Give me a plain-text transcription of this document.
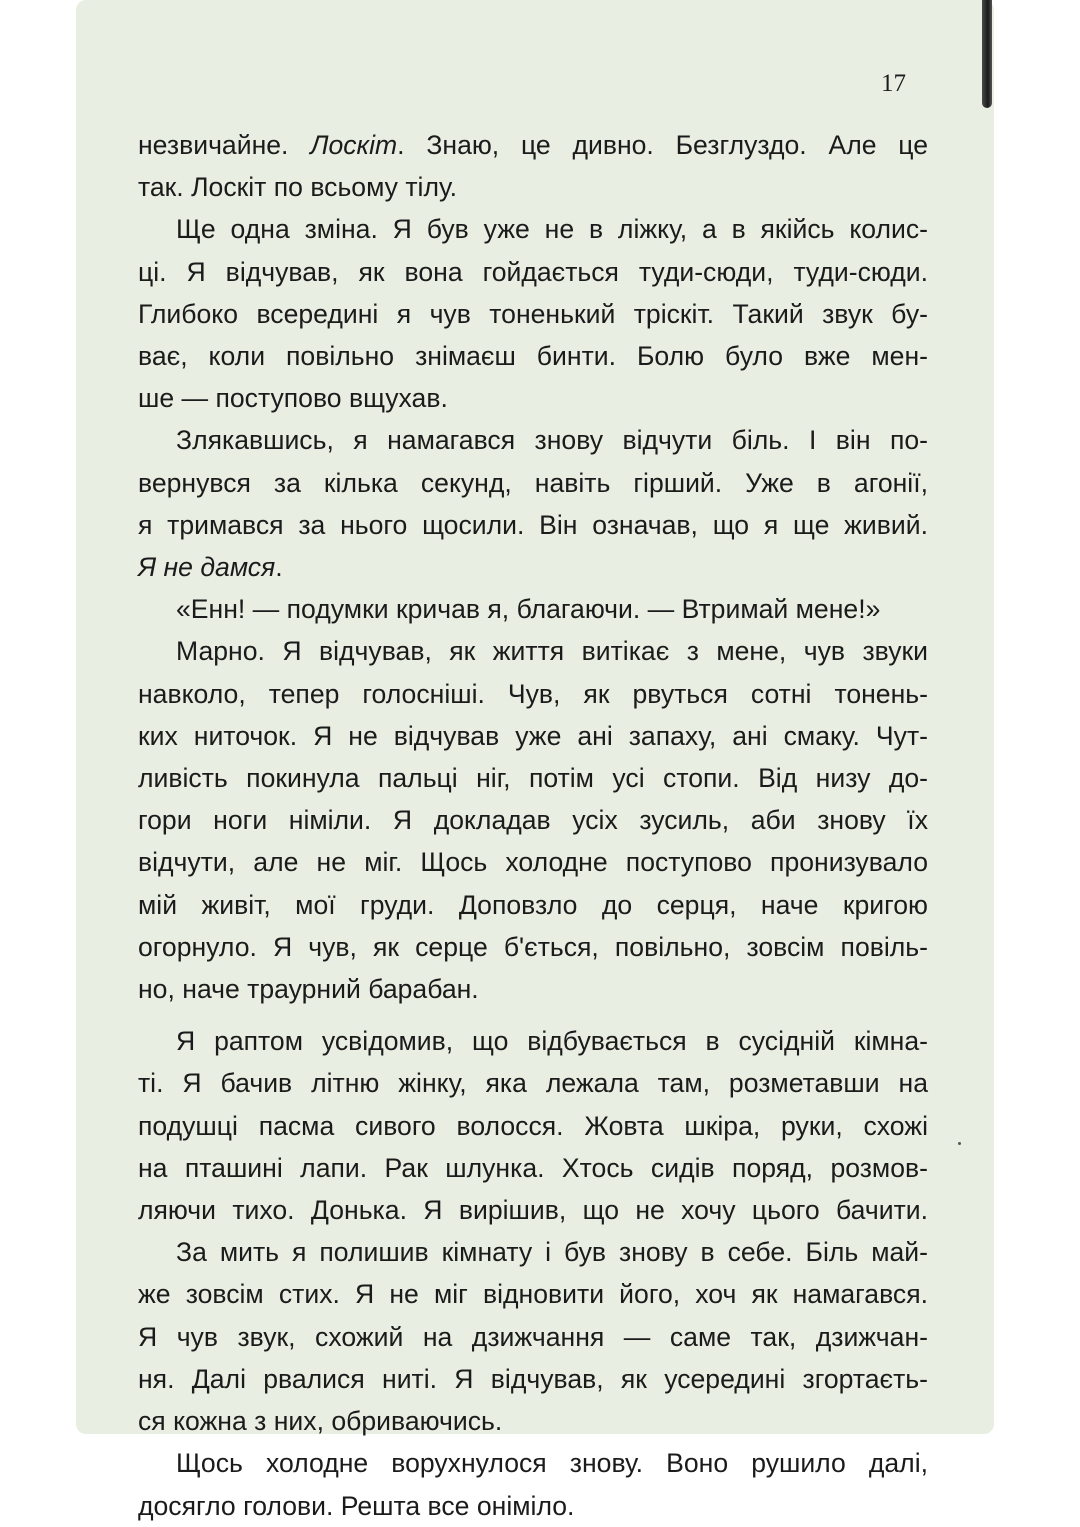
17
незвичайне. Лоскіт. Знаю, це дивно. Безглуздо. Але це
так. Лоскіт по всьому тілу.
Ще одна зміна. Я був уже не в ліжку, а в якійсь колис-
ці. Я відчував, як вона гойдається туди-сюди, туди-сюди.
Глибоко всередині я чув тоненький тріскіт. Такий звук бу-
ває, коли повільно знімаєш бинти. Болю було вже мен-
ше — поступово вщухав.
Злякавшись, я намагався знову відчути біль. І він по-
вернувся за кілька секунд, навіть гірший. Уже в агонії,
я тримався за нього щосили. Він означав, що я ще живий.
Я не дамся.
«Енн! — подумки кричав я, благаючи. — Втримай мене!»
Марно. Я відчував, як життя витікає з мене, чув звуки
навколо, тепер голосніші. Чув, як рвуться сотні тонень-
ких ниточок. Я не відчував уже ані запаху, ані смаку. Чут-
ливість покинула пальці ніг, потім усі стопи. Від низу до-
гори ноги німіли. Я докладав усіх зусиль, аби знову їх
відчути, але не міг. Щось холодне поступово пронизувало
мій живіт, мої груди. Доповзло до серця, наче кригою
огорнуло. Я чув, як серце б'ється, повільно, зовсім повіль-
но, наче траурний барабан.
Я раптом усвідомив, що відбувається в сусідній кімна-
ті. Я бачив літню жінку, яка лежала там, розметавши на
подушці пасма сивого волосся. Жовта шкіра, руки, схожі
на пташині лапи. Рак шлунка. Хтось сидів поряд, розмов-
ляючи тихо. Донька. Я вирішив, що не хочу цього бачити.
За мить я полишив кімнату і був знову в себе. Біль май-
же зовсім стих. Я не міг відновити його, хоч як намагався.
Я чув звук, схожий на дзижчання — саме так, дзижчан-
ня. Далі рвалися нитi. Я відчував, як усередині згортаєть-
ся кожна з них, обриваючись.
Щось холодне ворухнулося знову. Воно рушило далі,
досягло голови. Решта все оніміло.
